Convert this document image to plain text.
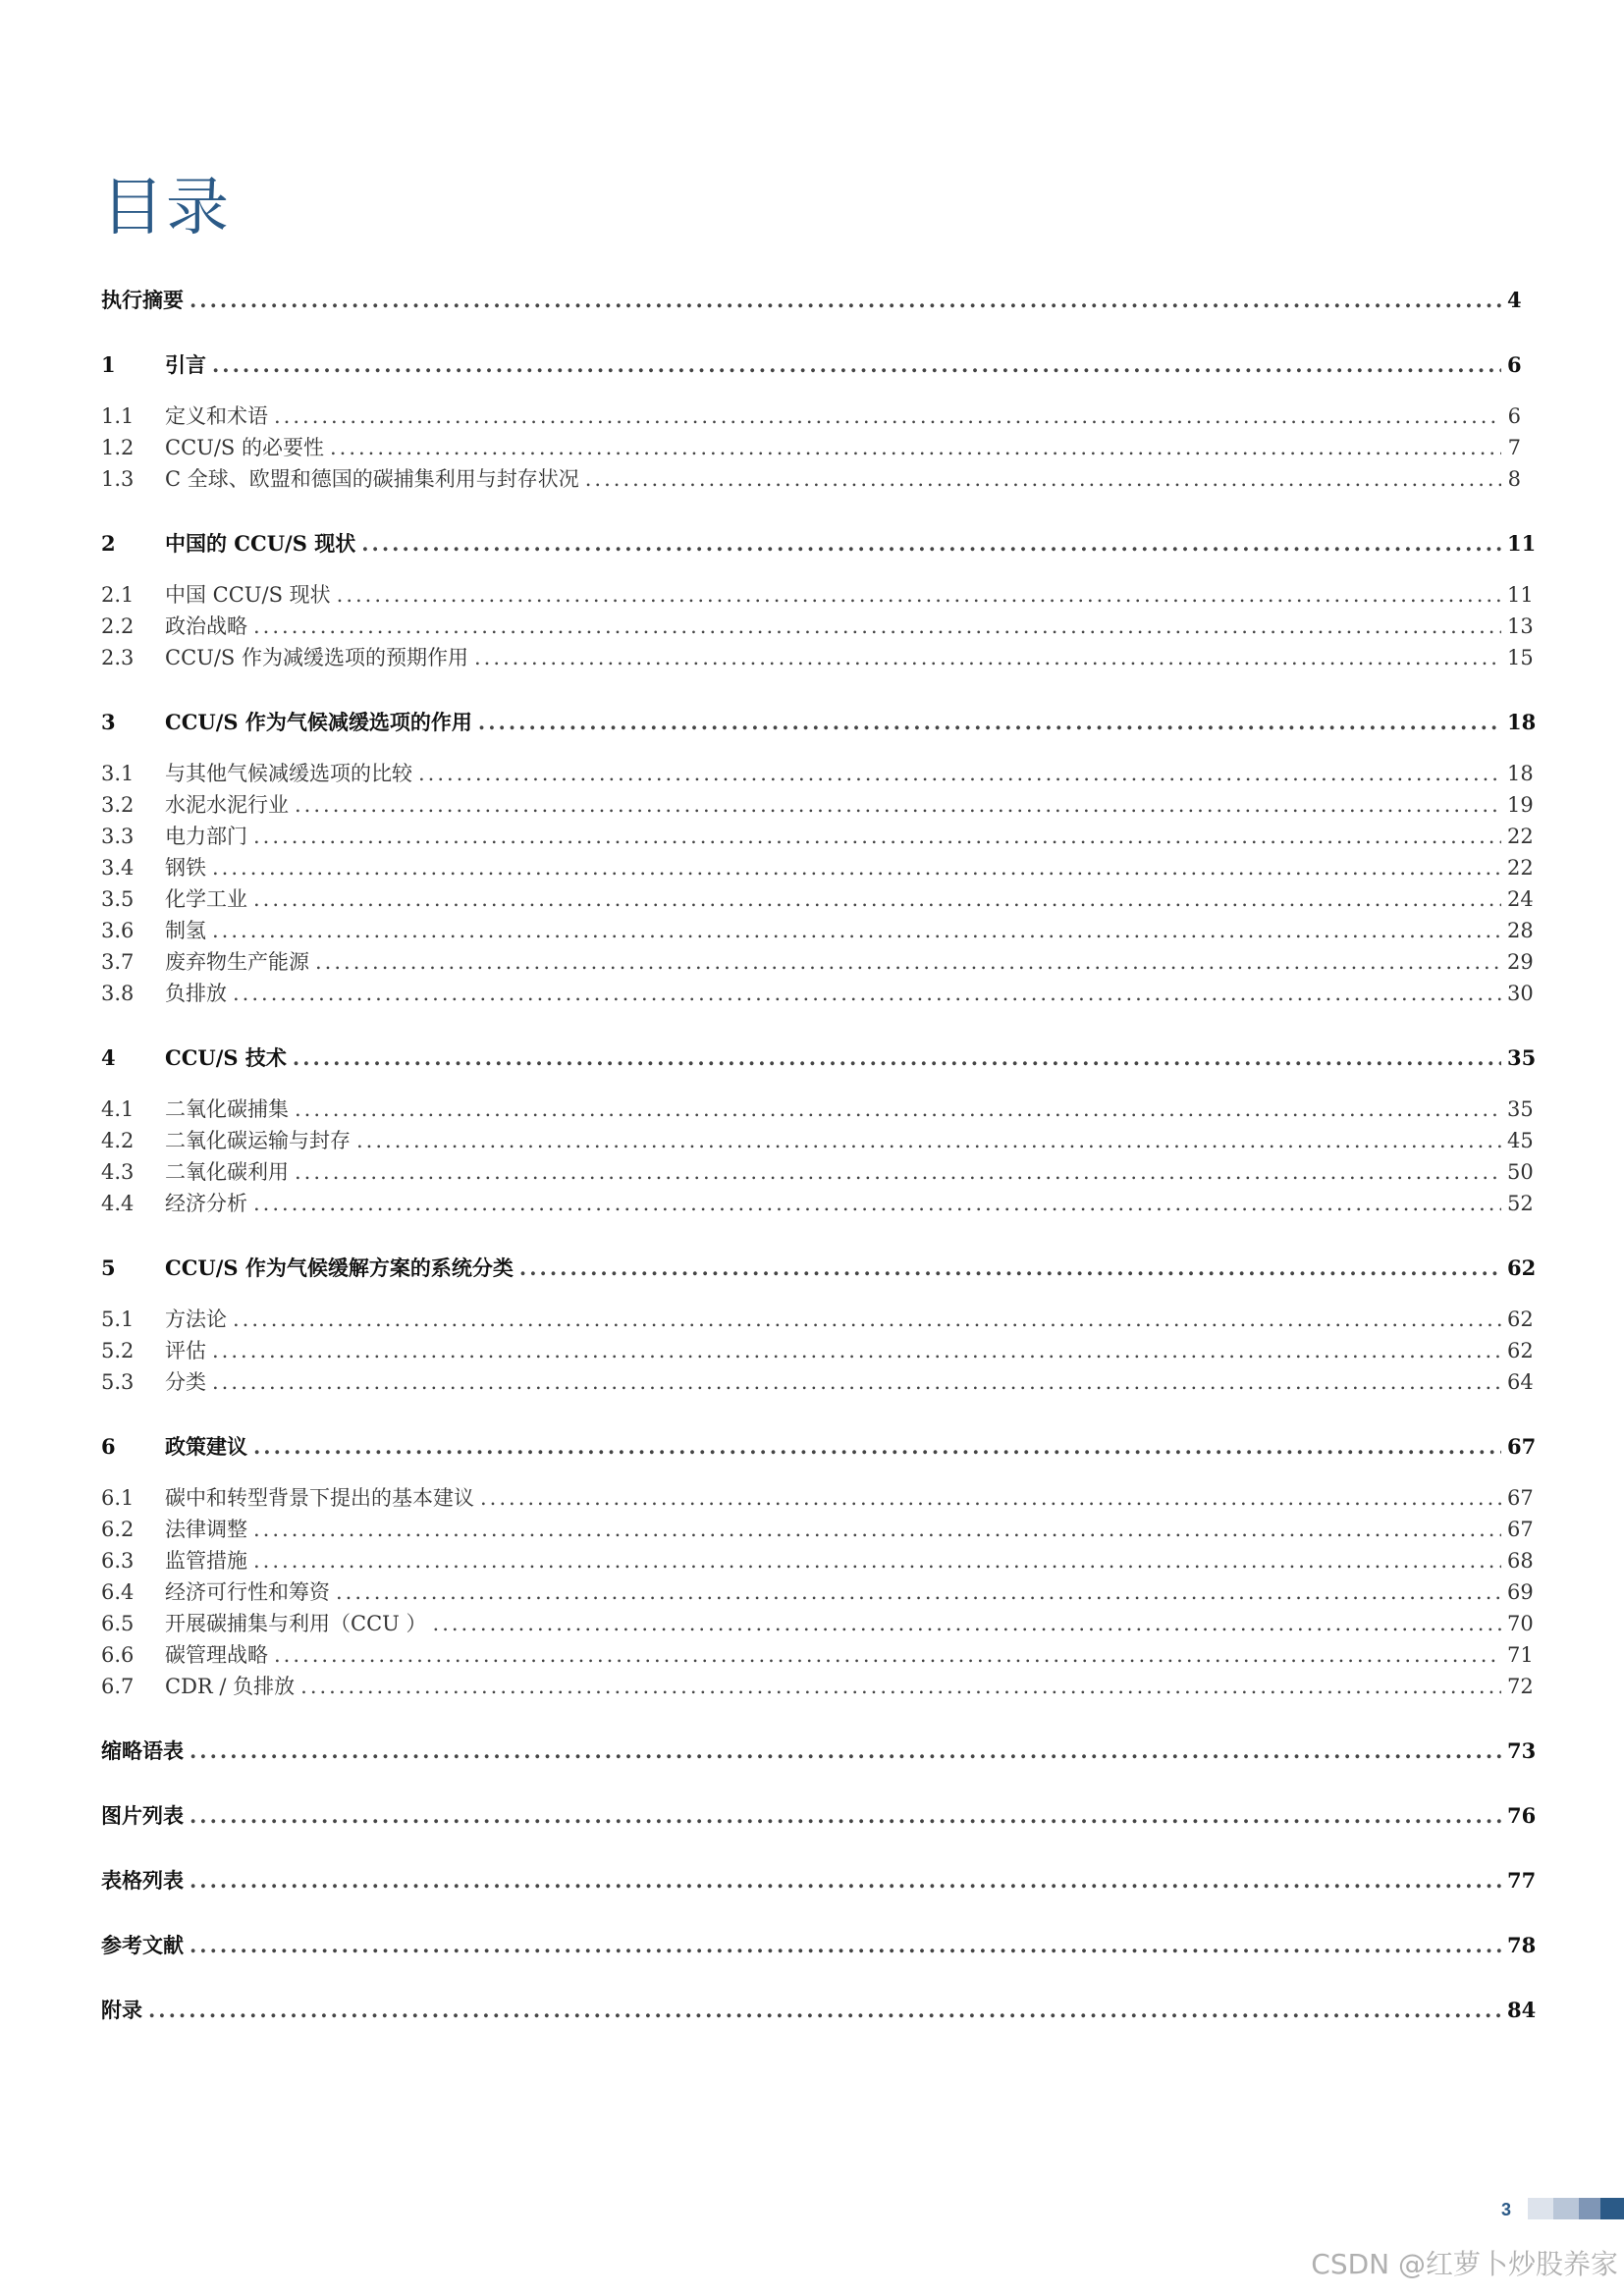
目录
执行摘要 .....	4
1	引言 .....	6
1.1	定义和术语 .....	6
1.2	CCU/S 的必要性 .....	7
1.3	C 全球、欧盟和德国的碳捕集利用与封存状况 .....	8
2	中国的 CCU/S 现状 .....	11
2.1	中国 CCU/S 现状 .....	11
2.2	政治战略 .....	13
2.3	CCU/S 作为减缓选项的预期作用 .....	15
3	CCU/S 作为气候减缓选项的作用 .....	18
3.1	与其他气候减缓选项的比较 .....	18
3.2	水泥水泥行业 .....	19
3.3	电力部门 .....	22
3.4	钢铁 .....	22
3.5	化学工业 .....	24
3.6	制氢 .....	28
3.7	废弃物生产能源 .....	29
3.8	负排放 .....	30
4	CCU/S 技术 .....	35
4.1	二氧化碳捕集 .....	35
4.2	二氧化碳运输与封存 .....	45
4.3	二氧化碳利用 .....	50
4.4	经济分析 .....	52
5	CCU/S 作为气候缓解方案的系统分类 .....	62
5.1	方法论 .....	62
5.2	评估 .....	62
5.3	分类 .....	64
6	政策建议 .....	67
6.1	碳中和转型背景下提出的基本建议 .....	67
6.2	法律调整 .....	67
6.3	监管措施 .....	68
6.4	经济可行性和筹资 .....	69
6.5	开展碳捕集与利用（CCU ） .....	70
6.6	碳管理战略 .....	71
6.7	CDR / 负排放 .....	72
缩略语表 .....	73
图片列表 .....	76
表格列表 .....	77
参考文献 .....	78
附录 .....	84
3
CSDN @红萝卜炒股养家
